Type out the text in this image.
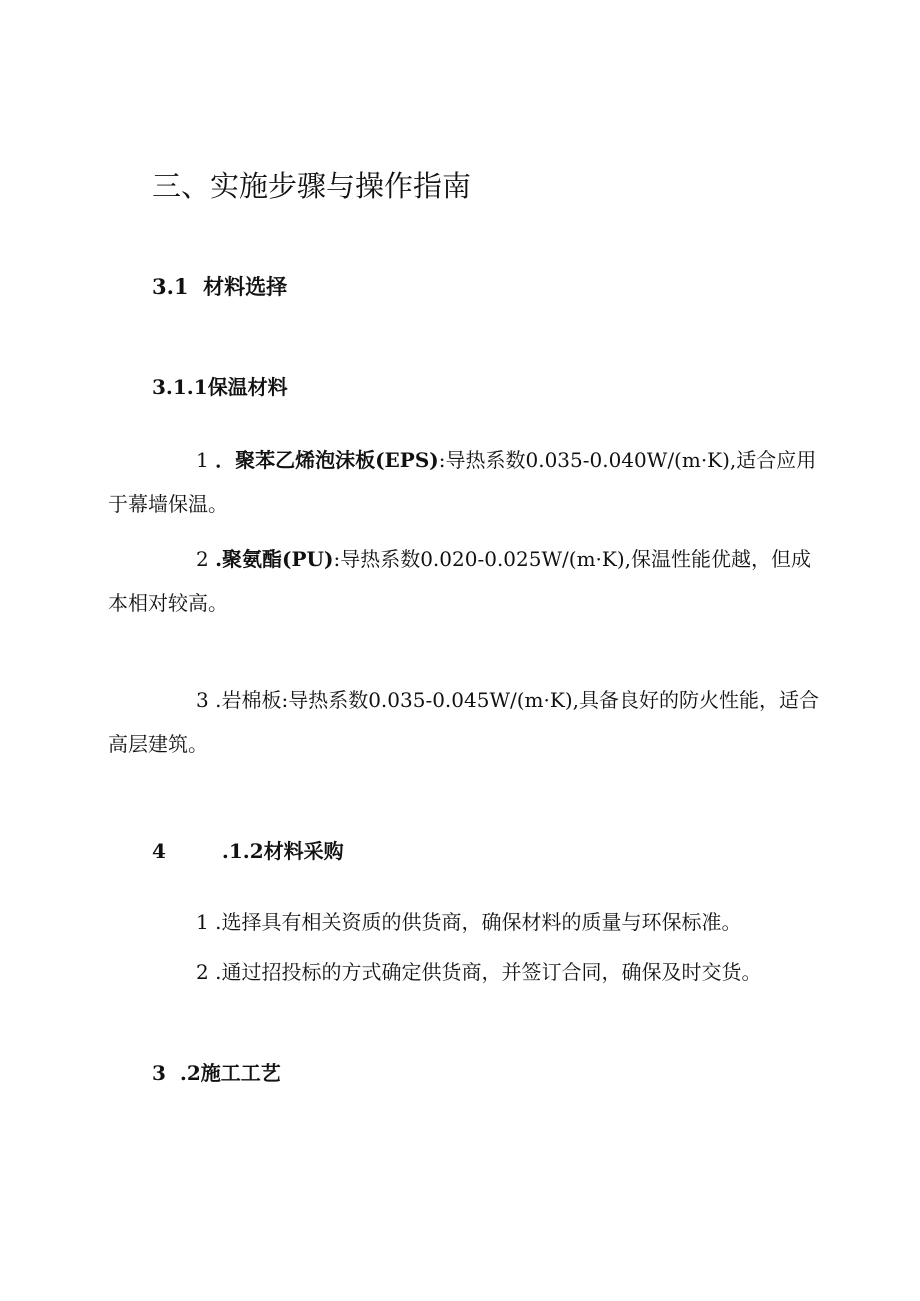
三、实施步骤与操作指南
3.1 材料选择
3.1.1保温材料

1 ．聚苯乙烯泡沫板(EPS):导热系数0.035-0.040W/(m·K),适合应用于幕墙保温。

2 .聚氨酯(PU):导热系数0.020-0.025W/(m·K),保温性能优越，但成本相对较高。

3 .岩棉板:导热系数0.035-0.045W/(m·K),具备良好的防火性能，适合高层建筑。

4	.1.2材料采购

1 .选择具有相关资质的供货商，确保材料的质量与环保标准。

2 .通过招投标的方式确定供货商，并签订合同，确保及时交货。

3 .2施工工艺
